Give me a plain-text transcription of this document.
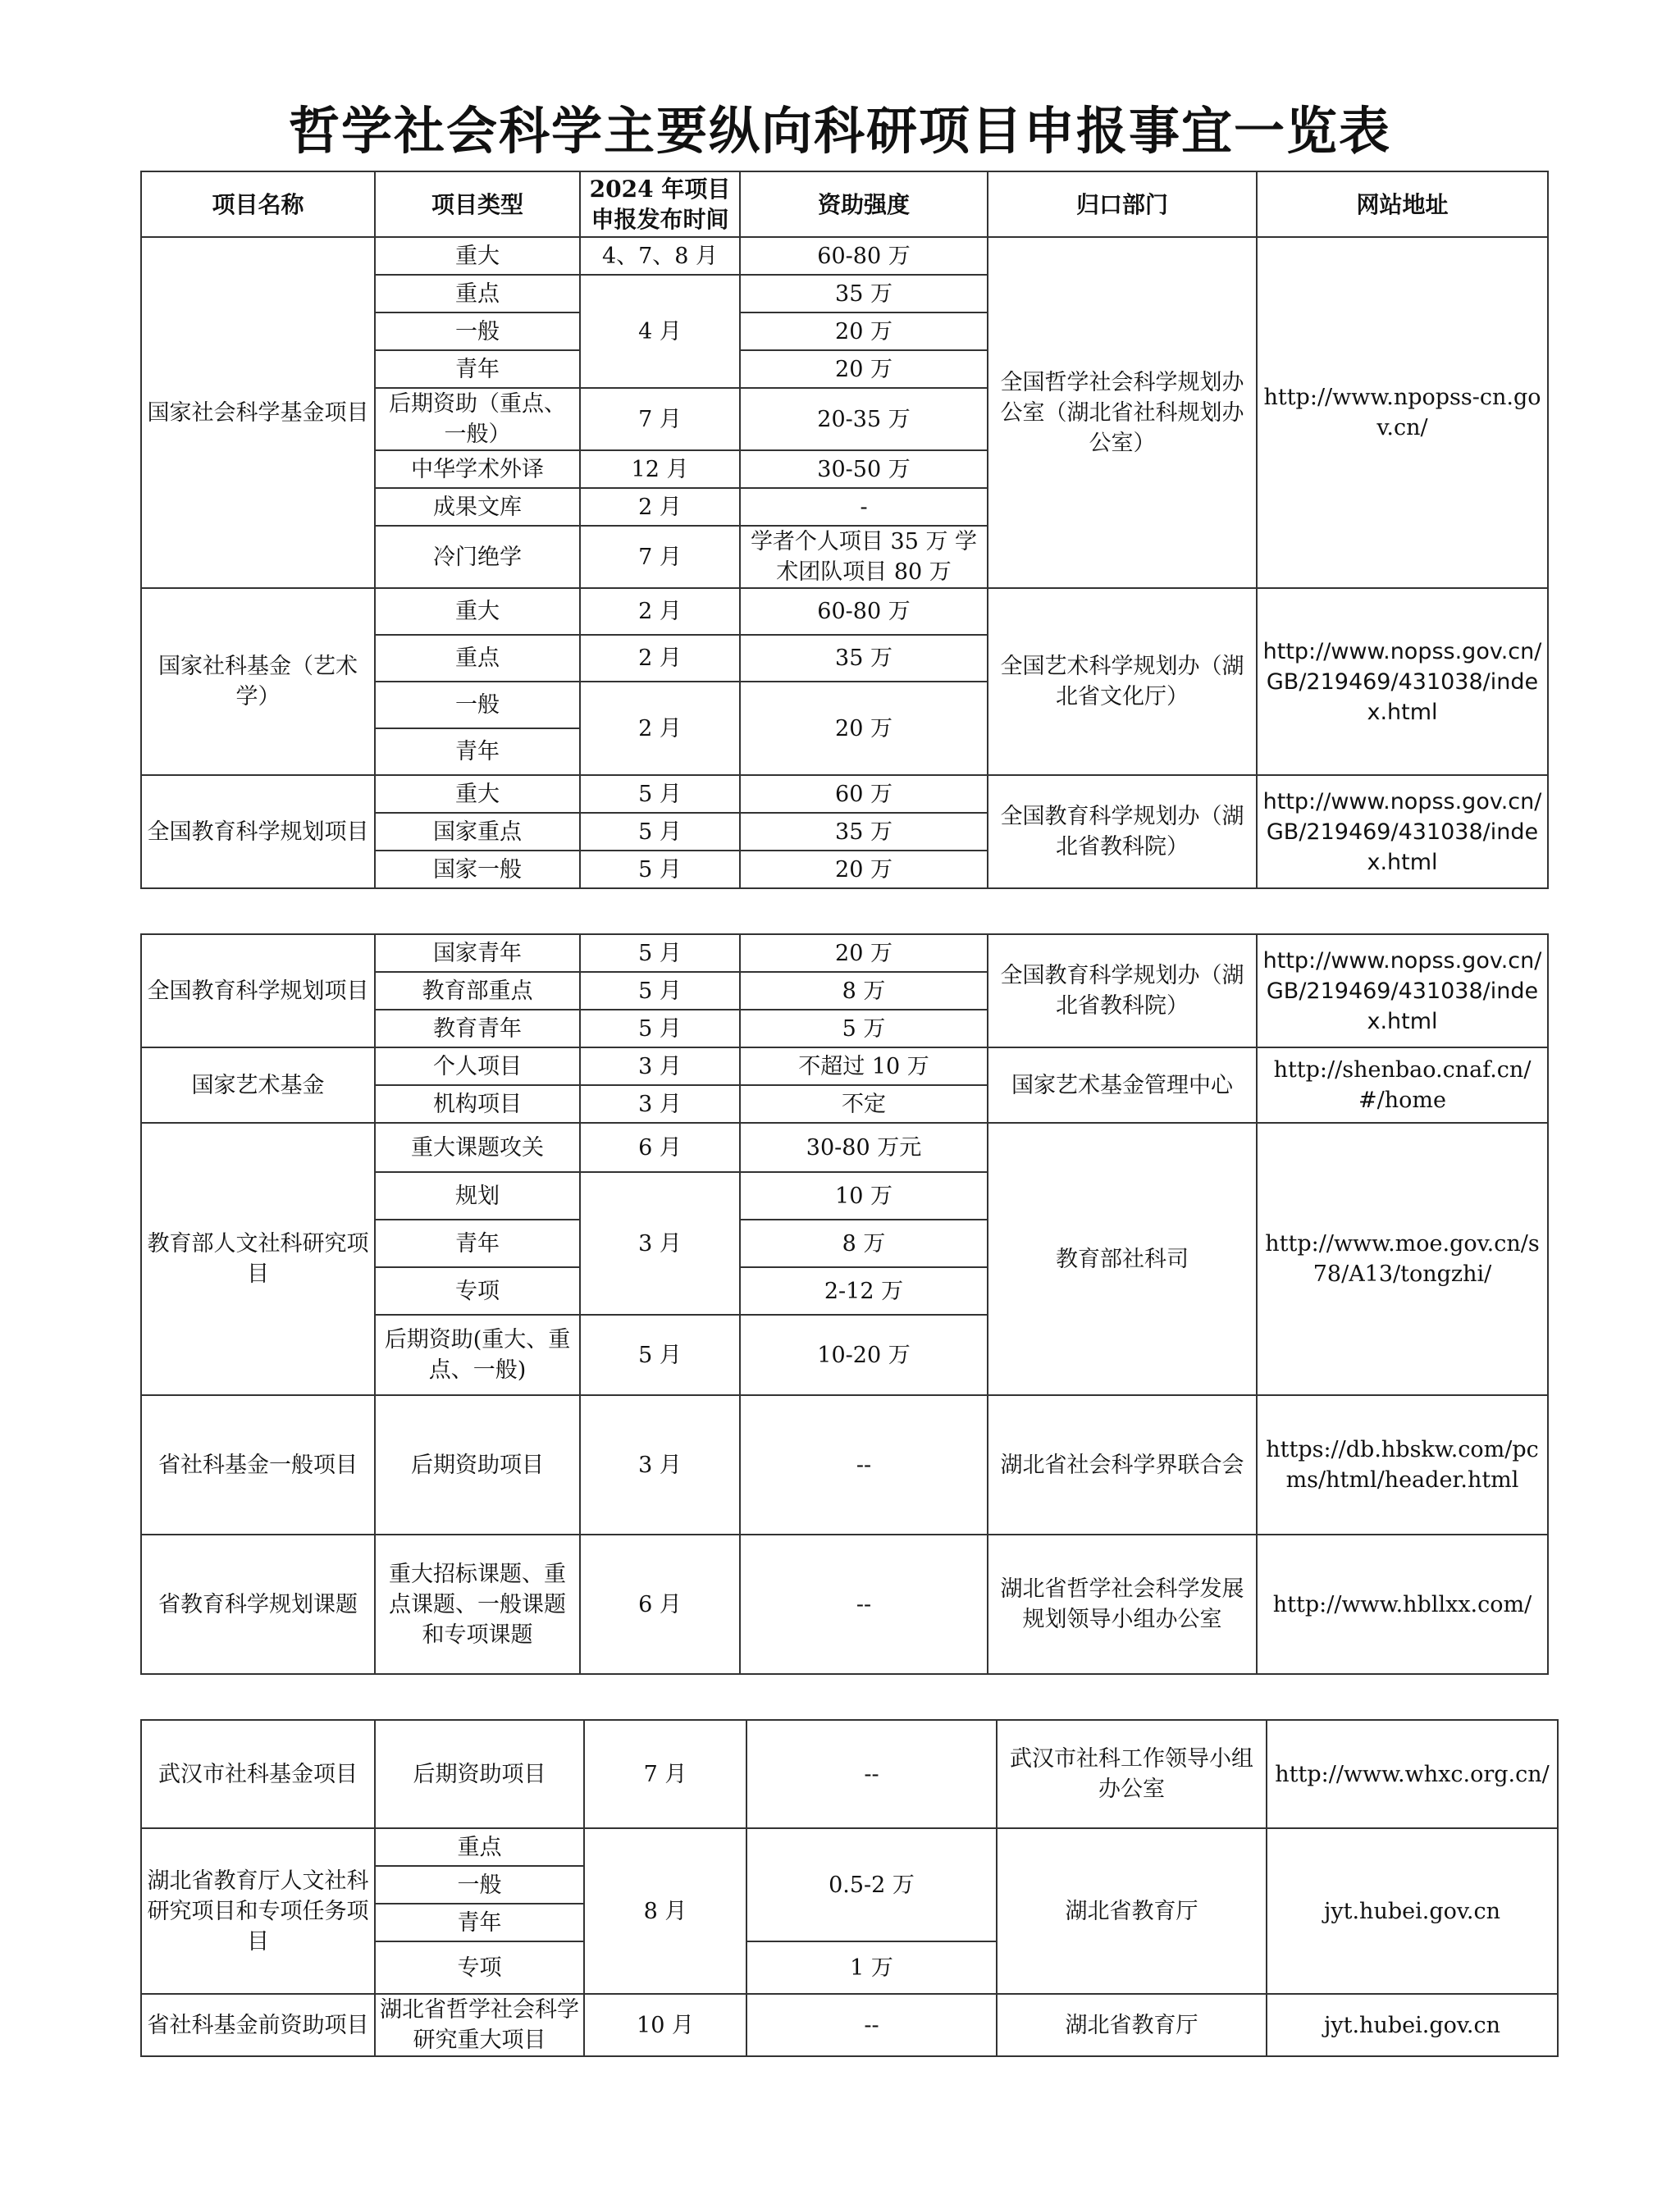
哲学社会科学主要纵向科研项目申报事宜一览表
项目名称	项目类型	2024 年项目申报发布时间	资助强度	归口部门	网站地址
国家社会科学基金项目	重大	4、7、8 月	60-80 万	全国哲学社会科学规划办公室（湖北省社科规划办公室）	http://www.npopss-cn.gov.cn/
	重点	4 月	35 万		
	一般		20 万		
	青年		20 万		
	后期资助（重点、一般）	7 月	20-35 万		
	中华学术外译	12 月	30-50 万		
	成果文库	2 月	-		
	冷门绝学	7 月	学者个人项目 35 万 学术团队项目 80 万		
国家社科基金（艺术学）	重大	2 月	60-80 万	全国艺术科学规划办（湖北省文化厅）	http://www.nopss.gov.cn/GB/219469/431038/index.html
	重点	2 月	35 万		
	一般	2 月	20 万		
	青年				
全国教育科学规划项目	重大	5 月	60 万	全国教育科学规划办（湖北省教科院）	http://www.nopss.gov.cn/GB/219469/431038/index.html
	国家重点	5 月	35 万		
	国家一般	5 月	20 万		
全国教育科学规划项目	国家青年	5 月	20 万	全国教育科学规划办（湖北省教科院）	http://www.nopss.gov.cn/GB/219469/431038/index.html
	教育部重点	5 月	8 万		
	教育青年	5 月	5 万		
国家艺术基金	个人项目	3 月	不超过 10 万	国家艺术基金管理中心	http://shenbao.cnaf.cn/#/home
	机构项目	3 月	不定		
教育部人文社科研究项目	重大课题攻关	6 月	30-80 万元	教育部社科司	http://www.moe.gov.cn/s78/A13/tongzhi/
	规划	3 月	10 万		
	青年		8 万		
	专项		2-12 万		
	后期资助(重大、重点、一般)	5 月	10-20 万		
省社科基金一般项目	后期资助项目	3 月	--	湖北省社会科学界联合会	https://db.hbskw.com/pcms/html/header.html
省教育科学规划课题	重大招标课题、重点课题、一般课题和专项课题	6 月	--	湖北省哲学社会科学发展规划领导小组办公室	http://www.hbllxx.com/
武汉市社科基金项目	后期资助项目	7 月	--	武汉市社科工作领导小组办公室	http://www.whxc.org.cn/
湖北省教育厅人文社科研究项目和专项任务项目	重点	8 月	0.5-2 万	湖北省教育厅	jyt.hubei.gov.cn
	一般				
	青年				
	专项		1 万		
省社科基金前资助项目	湖北省哲学社会科学研究重大项目	10 月	--	湖北省教育厅	jyt.hubei.gov.cn
